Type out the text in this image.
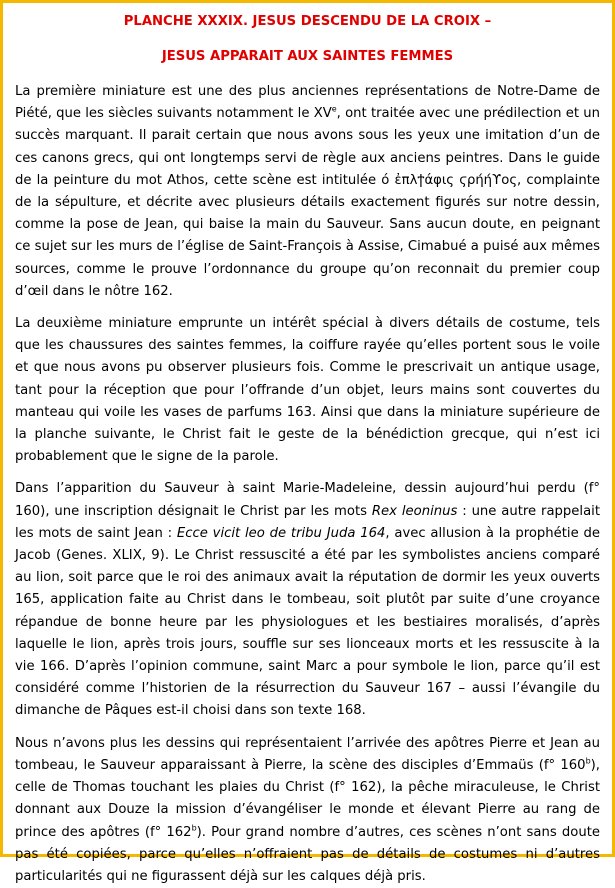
PLANCHE XXXIX. JESUS DESCENDU DE LA CROIX –
JESUS APPARAIT AUX SAINTES FEMMES

La première miniature est une des plus anciennes représentations de Notre-Dame de Piété, que les siècles suivants notamment le XVe, ont traitée avec une prédilection et un succès marquant. Il parait certain que nous avons sous les yeux une imitation d’un de ces canons grecs, qui ont longtemps servi de règle aux anciens peintres. Dans le guide de la peinture du mot Athos, cette scène est intitulée ό ἐπλϯάφις ϛρήήϒος, complainte de la sépulture, et décrite avec plusieurs détails exactement figurés sur notre dessin, comme la pose de Jean, qui baise la main du Sauveur. Sans aucun doute, en peignant ce sujet sur les murs de l’église de Saint-François à Assise, Cimabué a puisé aux mêmes sources, comme le prouve l’ordonnance du groupe qu’on reconnait du premier coup d’œil dans le nôtre 162.

La deuxième miniature emprunte un intérêt spécial à divers détails de costume, tels que les chaussures des saintes femmes, la coiffure rayée qu’elles portent sous le voile et que nous avons pu observer plusieurs fois. Comme le prescrivait un antique usage, tant pour la réception que pour l’offrande d’un objet, leurs mains sont couvertes du manteau qui voile les vases de parfums 163. Ainsi que dans la miniature supérieure de la planche suivante, le Christ fait le geste de la bénédiction grecque, qui n’est ici probablement que le signe de la parole.

Dans l’apparition du Sauveur à saint Marie-Madeleine, dessin aujourd’hui perdu (f° 160), une inscription désignait le Christ par les mots Rex leoninus : une autre rappelait les mots de saint Jean : Ecce vicit leo de tribu Juda 164, avec allusion à la prophétie de Jacob (Genes. XLIX, 9). Le Christ ressuscité a été par les symbolistes anciens comparé au lion, soit parce que le roi des animaux avait la réputation de dormir les yeux ouverts 165, application faite au Christ dans le tombeau, soit plutôt par suite d’une croyance répandue de bonne heure par les physiologues et les bestiaires moralisés, d’après laquelle le lion, après trois jours, souffle sur ses lionceaux morts et les ressuscite à la vie 166. D’après l’opinion commune, saint Marc a pour symbole le lion, parce qu’il est considéré comme l’historien de la résurrection du Sauveur 167 – aussi l’évangile du dimanche de Pâques est-il choisi dans son texte 168.

Nous n’avons plus les dessins qui représentaient l’arrivée des apôtres Pierre et Jean au tombeau, le Sauveur apparaissant à Pierre, la scène des disciples d’Emmaüs (f° 160$^b$), celle de Thomas touchant les plaies du Christ (f° 162), la pêche miraculeuse, le Christ donnant aux Douze la mission d’évangéliser le monde et élevant Pierre au rang de prince des apôtres (f° 162$^b$). Pour grand nombre d’autres, ces scènes n’ont sans doute pas été copiées, parce qu’elles n’offraient pas de détails de costumes ni d’autres particularités qui ne figurassent déjà sur les calques déjà pris.
